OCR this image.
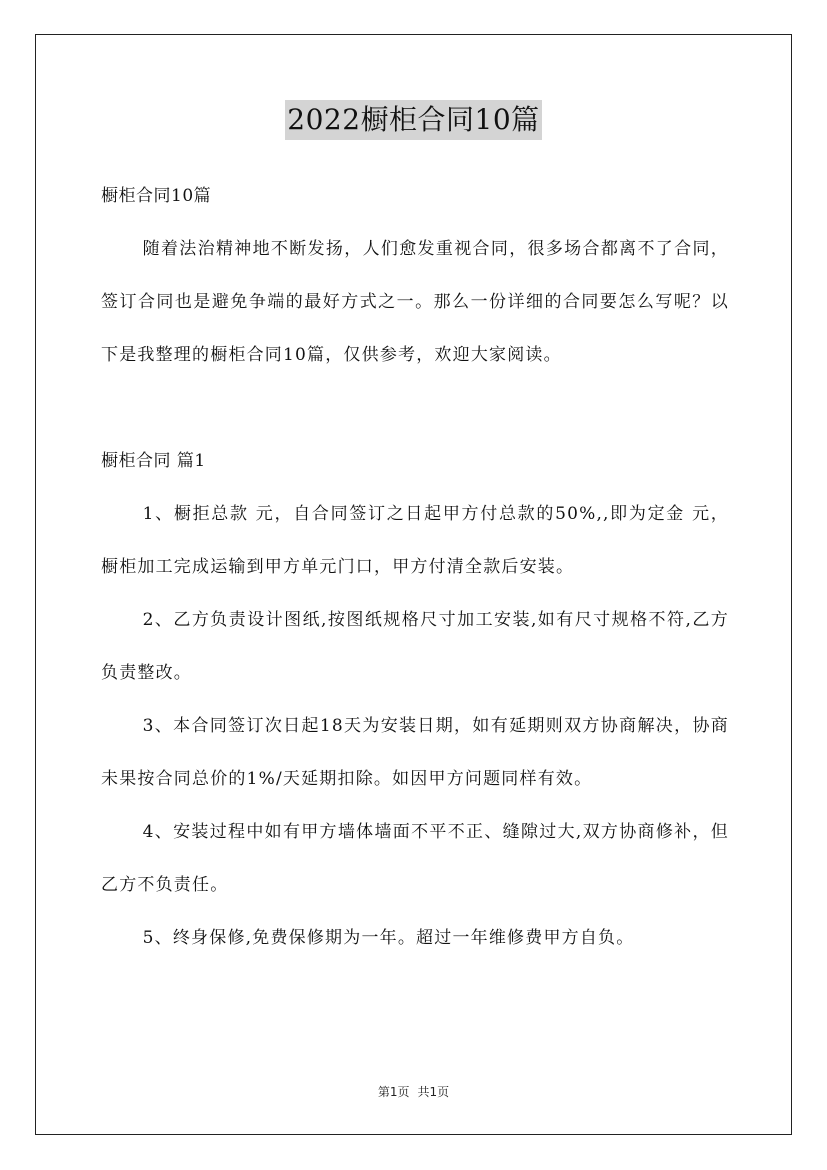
2022橱柜合同10篇

橱柜合同10篇

随着法治精神地不断发扬，人们愈发重视合同，很多场合都离不了合同，签订合同也是避免争端的最好方式之一。那么一份详细的合同要怎么写呢？以下是我整理的橱柜合同10篇，仅供参考，欢迎大家阅读。

橱柜合同 篇1

1、橱拒总款 元，自合同签订之日起甲方付总款的50%,,即为定金 元，橱柜加工完成运输到甲方单元门口，甲方付清全款后安装。

2、乙方负责设计图纸,按图纸规格尺寸加工安装,如有尺寸规格不符,乙方负责整改。

3、本合同签订次日起18天为安装日期，如有延期则双方协商解决，协商未果按合同总价的1%/天延期扣除。如因甲方问题同样有效。

4、安装过程中如有甲方墙体墙面不平不正、缝隙过大,双方协商修补，但乙方不负责任。

5、终身保修,免费保修期为一年。超过一年维修费甲方自负。

第1页 共1页
